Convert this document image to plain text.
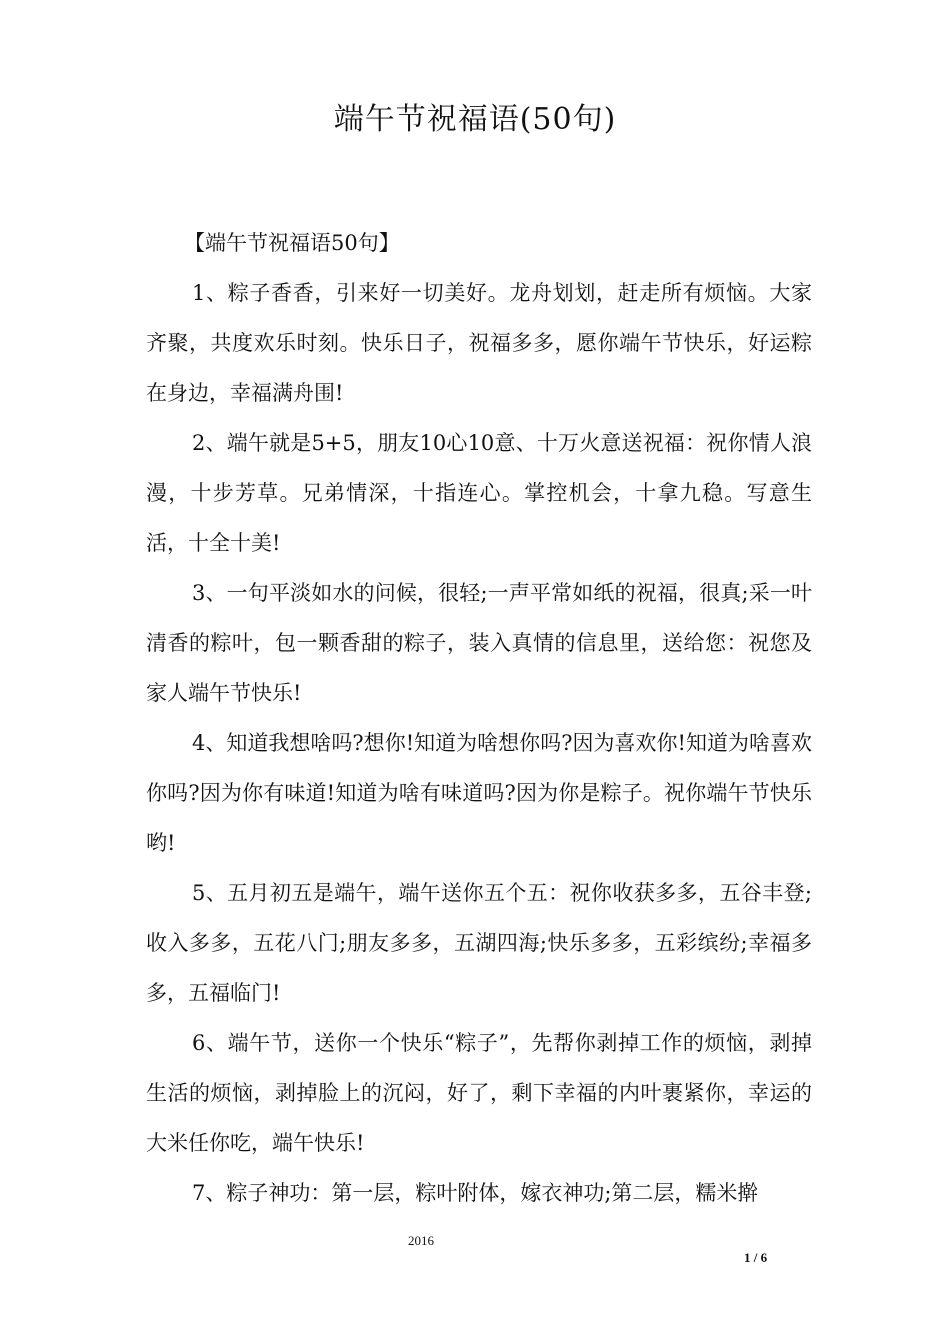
端午节祝福语(50句)

【端午节祝福语50句】

1、粽子香香，引来好一切美好。龙舟划划，赶走所有烦恼。大家齐聚，共度欢乐时刻。快乐日子，祝福多多，愿你端午节快乐，好运粽在身边，幸福满舟围!

2、端午就是5+5，朋友10心10意、十万火意送祝福：祝你情人浪漫，十步芳草。兄弟情深，十指连心。掌控机会，十拿九稳。写意生活，十全十美!

3、一句平淡如水的问候，很轻;一声平常如纸的祝福，很真;采一叶清香的粽叶，包一颗香甜的粽子，装入真情的信息里，送给您：祝您及家人端午节快乐!

4、知道我想啥吗?想你!知道为啥想你吗?因为喜欢你!知道为啥喜欢你吗?因为你有味道!知道为啥有味道吗?因为你是粽子。祝你端午节快乐哟!

5、五月初五是端午，端午送你五个五：祝你收获多多，五谷丰登;收入多多，五花八门;朋友多多，五湖四海;快乐多多，五彩缤纷;幸福多多，五福临门!

6、端午节，送你一个快乐“粽子”，先帮你剥掉工作的烦恼，剥掉生活的烦恼，剥掉脸上的沉闷，好了，剩下幸福的内叶裹紧你，幸运的大米任你吃，端午快乐!

7、粽子神功：第一层，粽叶附体，嫁衣神功;第二层，糯米擀

2016
1 / 6
